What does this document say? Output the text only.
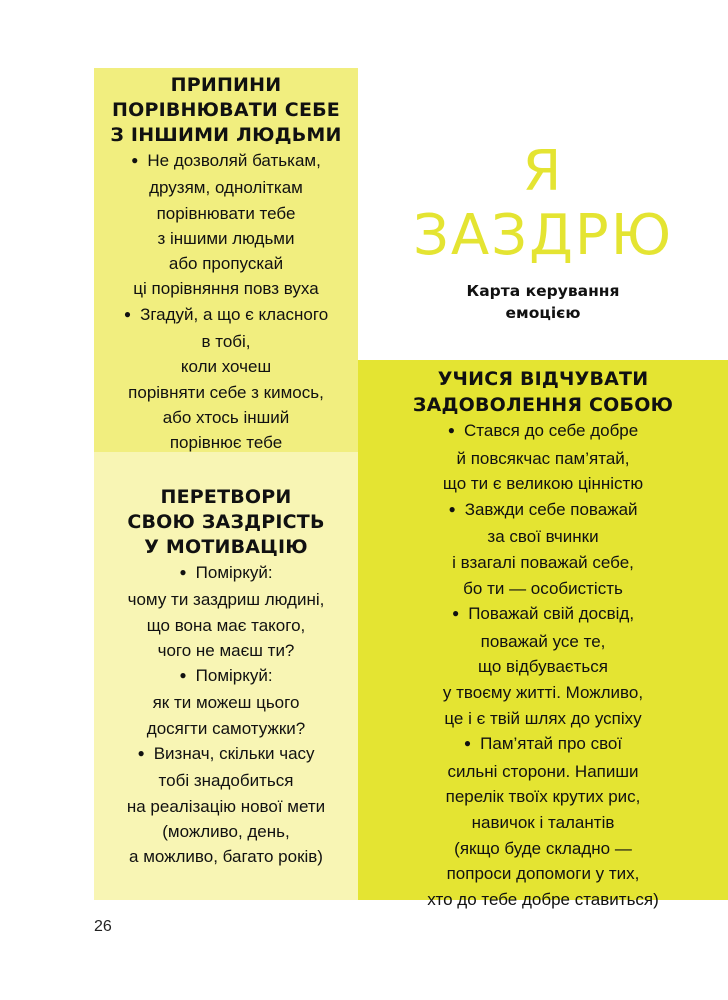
ПРИПИНИ
ПОРІВНЮВАТИ СЕБЕ
З ІНШИМИ ЛЮДЬМИ
● Не дозволяй батькам,
друзям, одноліткам
порівнювати тебе
з іншими людьми
або пропускай
ці порівняння повз вуха
● Згадуй, а що є класного
в тобі,
коли хочеш
порівняти себе з кимось,
або хтось інший
порівнює тебе
ПЕРЕТВОРИ
СВОЮ ЗАЗДРІСТЬ
У МОТИВАЦІЮ
● Поміркуй:
чому ти заздриш людині,
що вона має такого,
чого не маєш ти?
● Поміркуй:
як ти можеш цього
досягти самотужки?
● Визнач, скільки часу
тобі знадобиться
на реалізацію нової мети
(можливо, день,
а можливо, багато років)
Я
ЗАЗДРЮ
Карта керування
емоцією
УЧИСЯ ВІДЧУВАТИ
ЗАДОВОЛЕННЯ СОБОЮ
● Стався до себе добре
й повсякчас пам’ятай,
що ти є великою цінністю
● Завжди себе поважай
за свої вчинки
і взагалі поважай себе,
бо ти — особистість
● Поважай свій досвід,
поважай усе те,
що відбувається
у твоєму житті. Можливо,
це і є твій шлях до успіху
● Пам’ятай про свої
сильні сторони. Напиши
перелік твоїх крутих рис,
навичок і талантів
(якщо буде складно —
попроси допомоги у тих,
хто до тебе добре ставиться)
26
